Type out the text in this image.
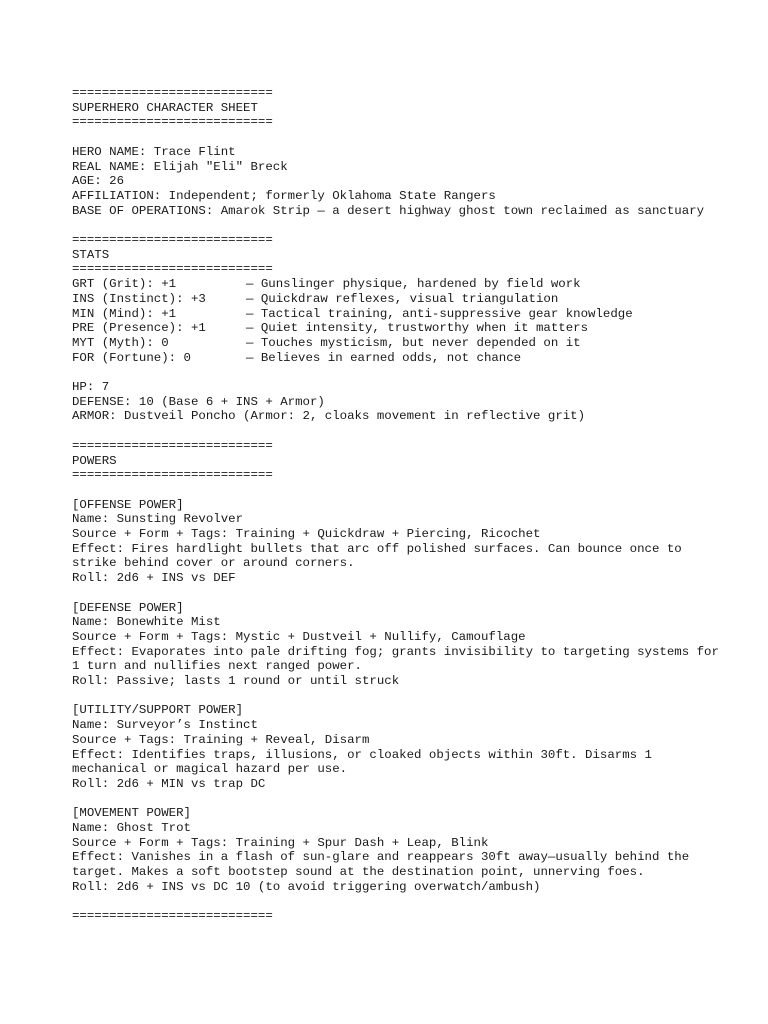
===========================
SUPERHERO CHARACTER SHEET
===========================
HERO NAME: Trace Flint
REAL NAME: Elijah "Eli" Breck
AGE: 26
AFFILIATION: Independent; formerly Oklahoma State Rangers
BASE OF OPERATIONS: Amarok Strip — a desert highway ghost town reclaimed as sanctuary
===========================
STATS
===========================
GRT (Grit): +1	— Gunslinger physique, hardened by field work
INS (Instinct): +3	— Quickdraw reflexes, visual triangulation
MIN (Mind): +1	— Tactical training, anti-suppressive gear knowledge
PRE (Presence): +1	— Quiet intensity, trustworthy when it matters
MYT (Myth): 0	— Touches mysticism, but never depended on it
FOR (Fortune): 0	— Believes in earned odds, not chance
HP: 7
DEFENSE: 10 (Base 6 + INS + Armor)
ARMOR: Dustveil Poncho (Armor: 2, cloaks movement in reflective grit)
===========================
POWERS
===========================
[OFFENSE POWER]
Name: Sunsting Revolver
Source + Form + Tags: Training + Quickdraw + Piercing, Ricochet
Effect: Fires hardlight bullets that arc off polished surfaces. Can bounce once to strike behind cover or around corners.
Roll: 2d6 + INS vs DEF
[DEFENSE POWER]
Name: Bonewhite Mist
Source + Form + Tags: Mystic + Dustveil + Nullify, Camouflage
Effect: Evaporates into pale drifting fog; grants invisibility to targeting systems for 1 turn and nullifies next ranged power.
Roll: Passive; lasts 1 round or until struck
[UTILITY/SUPPORT POWER]
Name: Surveyor’s Instinct
Source + Tags: Training + Reveal, Disarm
Effect: Identifies traps, illusions, or cloaked objects within 30ft. Disarms 1 mechanical or magical hazard per use.
Roll: 2d6 + MIN vs trap DC
[MOVEMENT POWER]
Name: Ghost Trot
Source + Form + Tags: Training + Spur Dash + Leap, Blink
Effect: Vanishes in a flash of sun-glare and reappears 30ft away—usually behind the target. Makes a soft bootstep sound at the destination point, unnerving foes.
Roll: 2d6 + INS vs DC 10 (to avoid triggering overwatch/ambush)
===========================
